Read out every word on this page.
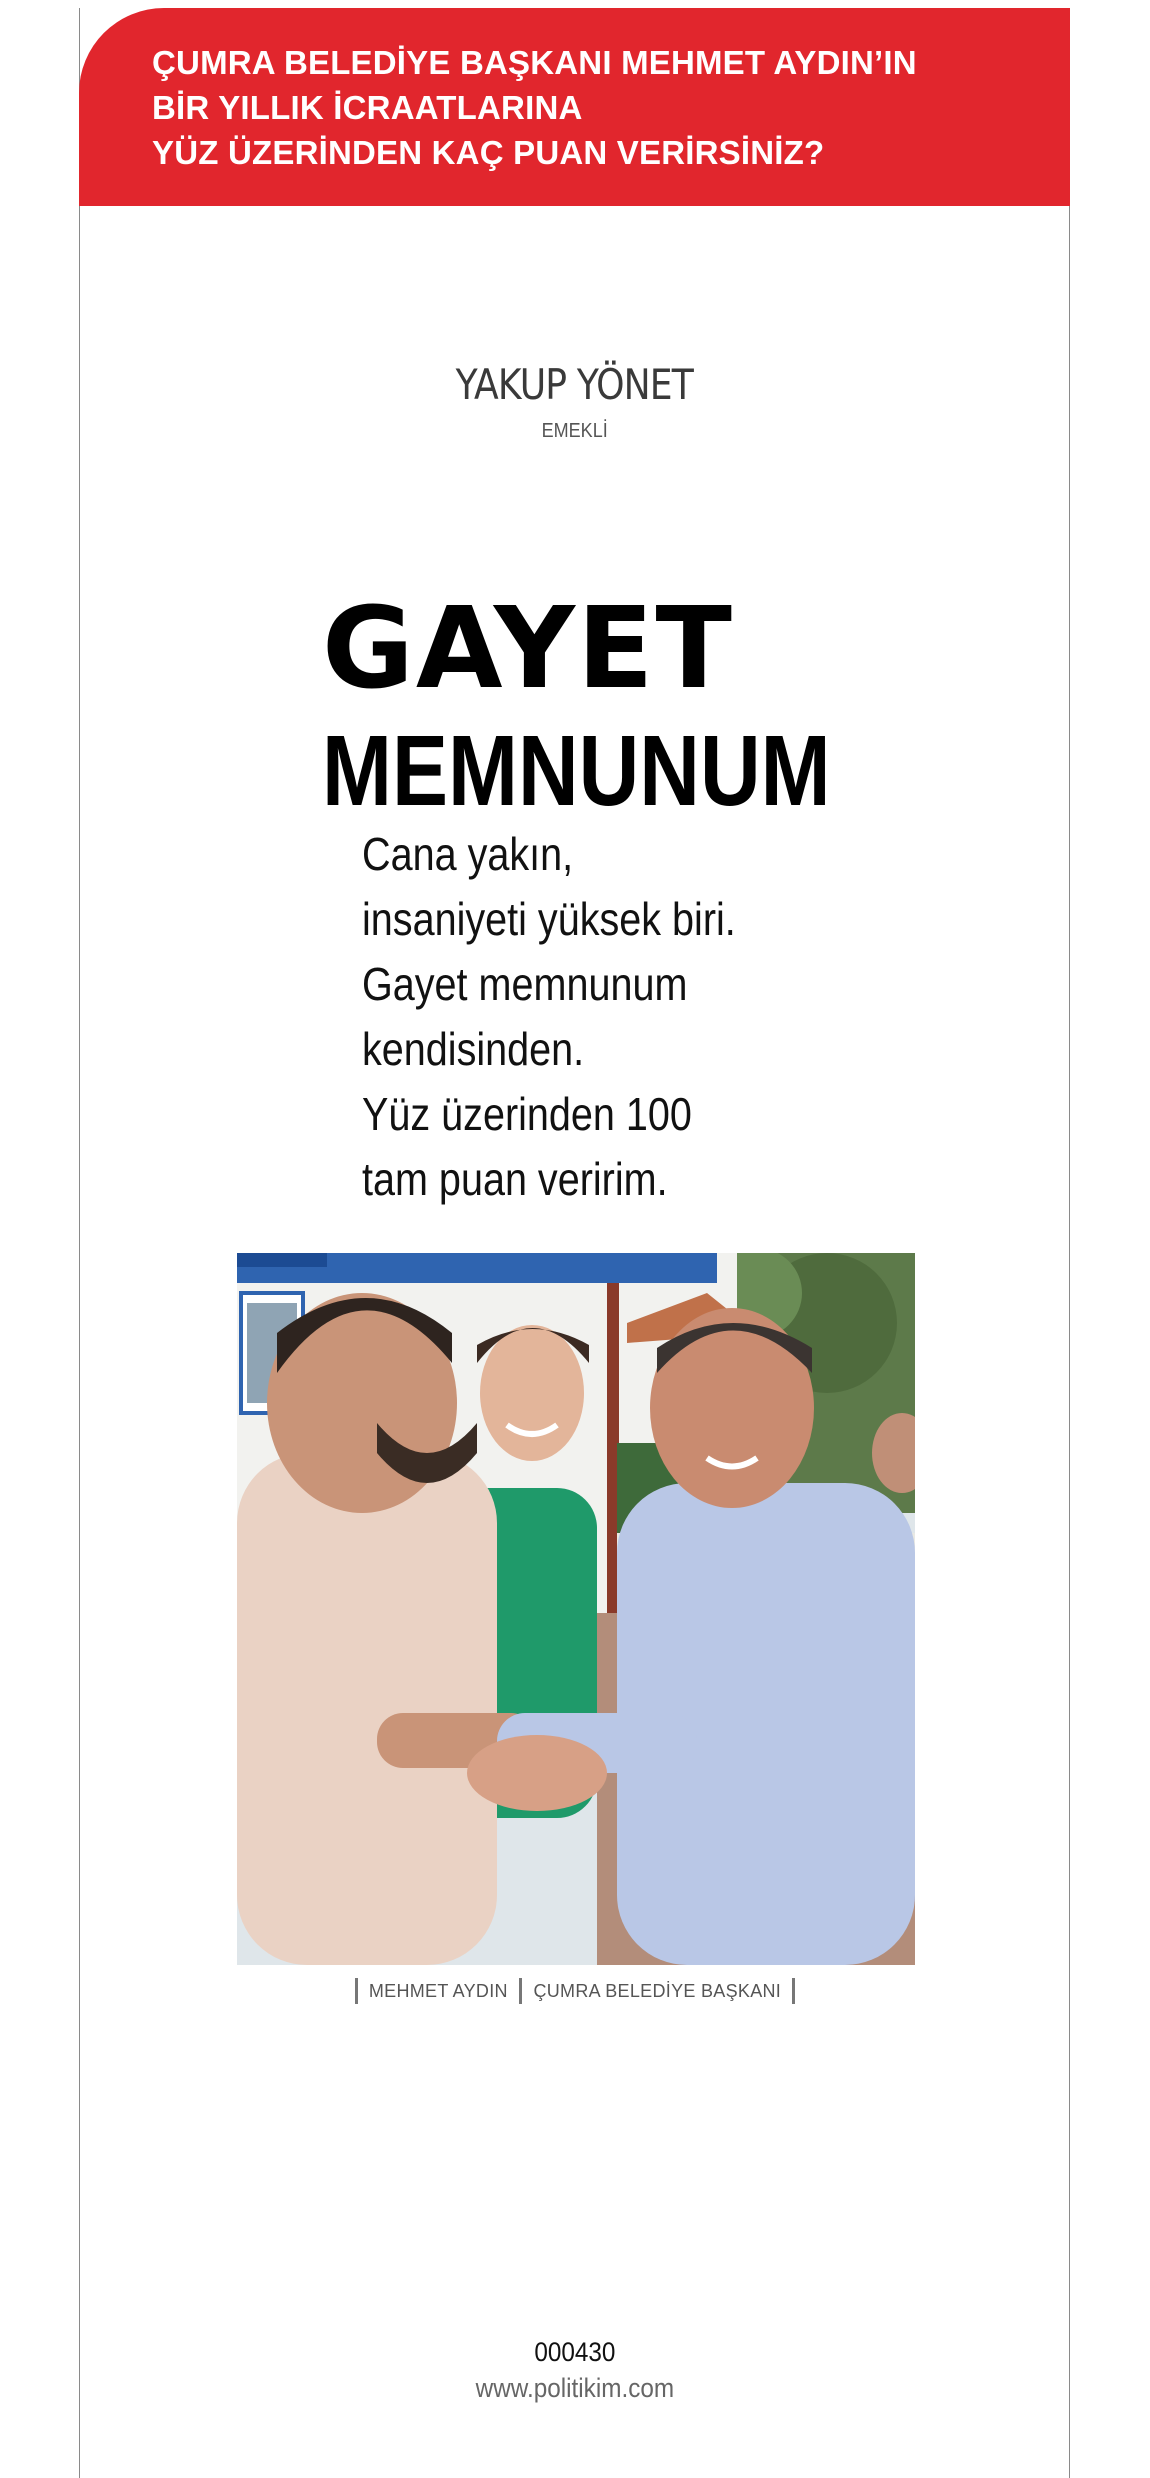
ÇUMRA BELEDİYE BAŞKANI MEHMET AYDIN’IN
BİR YILLIK İCRAATLARINA
YÜZ ÜZERİNDEN KAÇ PUAN VERİRSİNİZ?
YAKUP YÖNET
EMEKLİ
GAYET
MEMNUNUM
Cana yakın,
insaniyeti yüksek biri.
Gayet memnunum
kendisinden.
Yüz üzerinden 100
tam puan veririm.
MEHMET AYDIN ÇUMRA BELEDİYE BAŞKANI
000430
www.politikim.com
